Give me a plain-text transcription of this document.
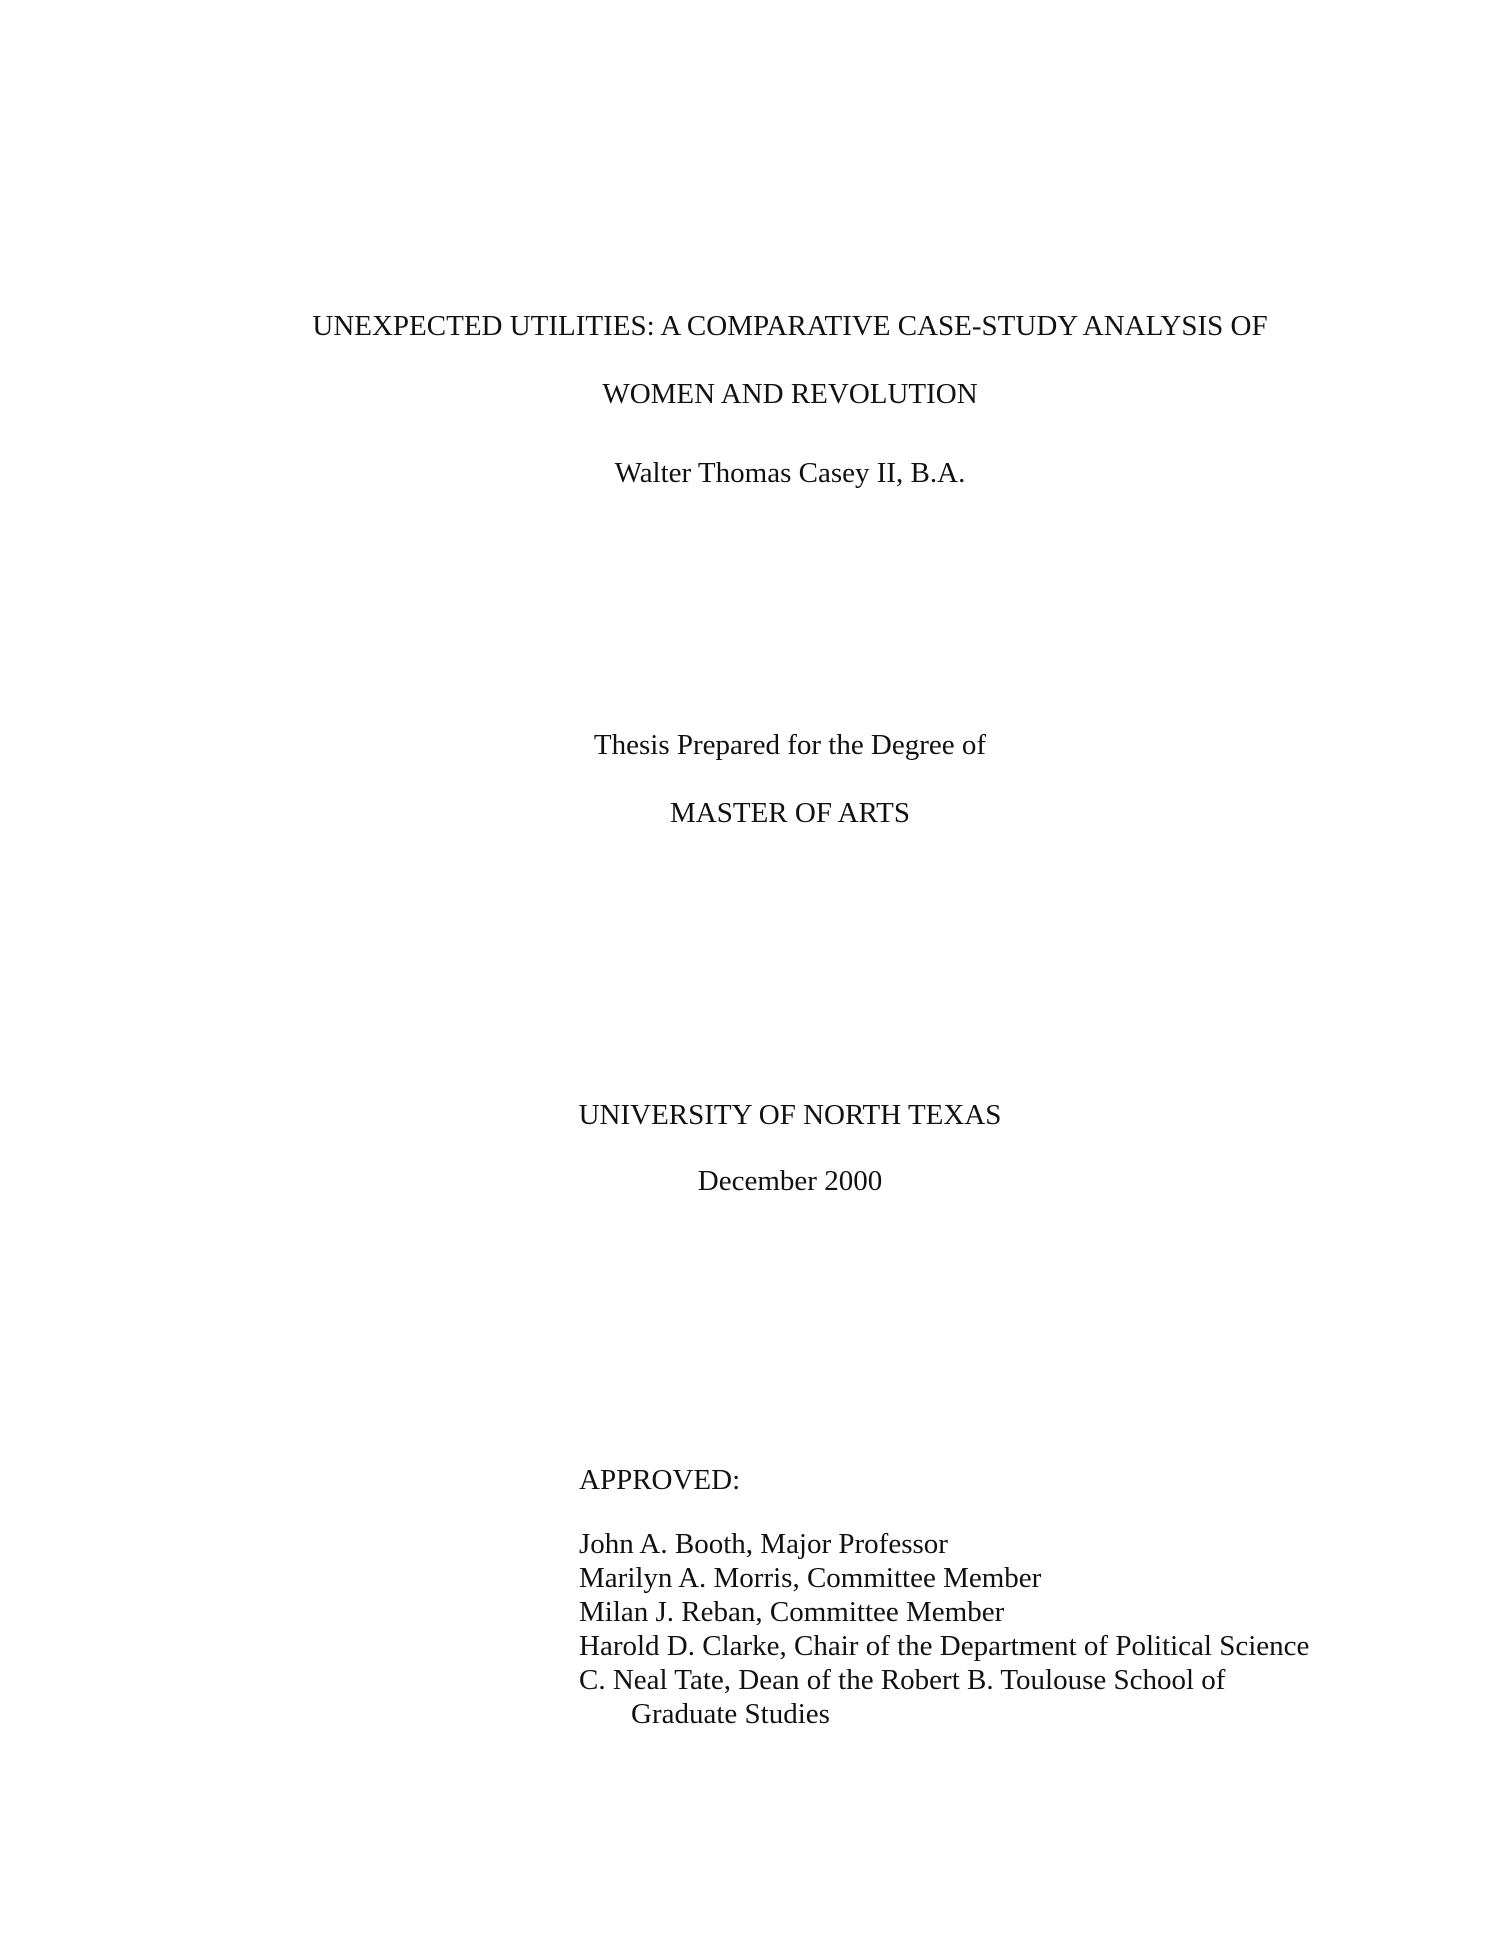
UNEXPECTED UTILITIES: A COMPARATIVE CASE-STUDY ANALYSIS OF
WOMEN AND REVOLUTION
Walter Thomas Casey II, B.A.
Thesis Prepared for the Degree of
MASTER OF ARTS
UNIVERSITY OF NORTH TEXAS
December 2000
APPROVED:
John A. Booth, Major Professor
Marilyn A. Morris, Committee Member
Milan J. Reban, Committee Member
Harold D. Clarke, Chair of the Department of Political Science
C. Neal Tate, Dean of the Robert B. Toulouse School of
Graduate Studies
